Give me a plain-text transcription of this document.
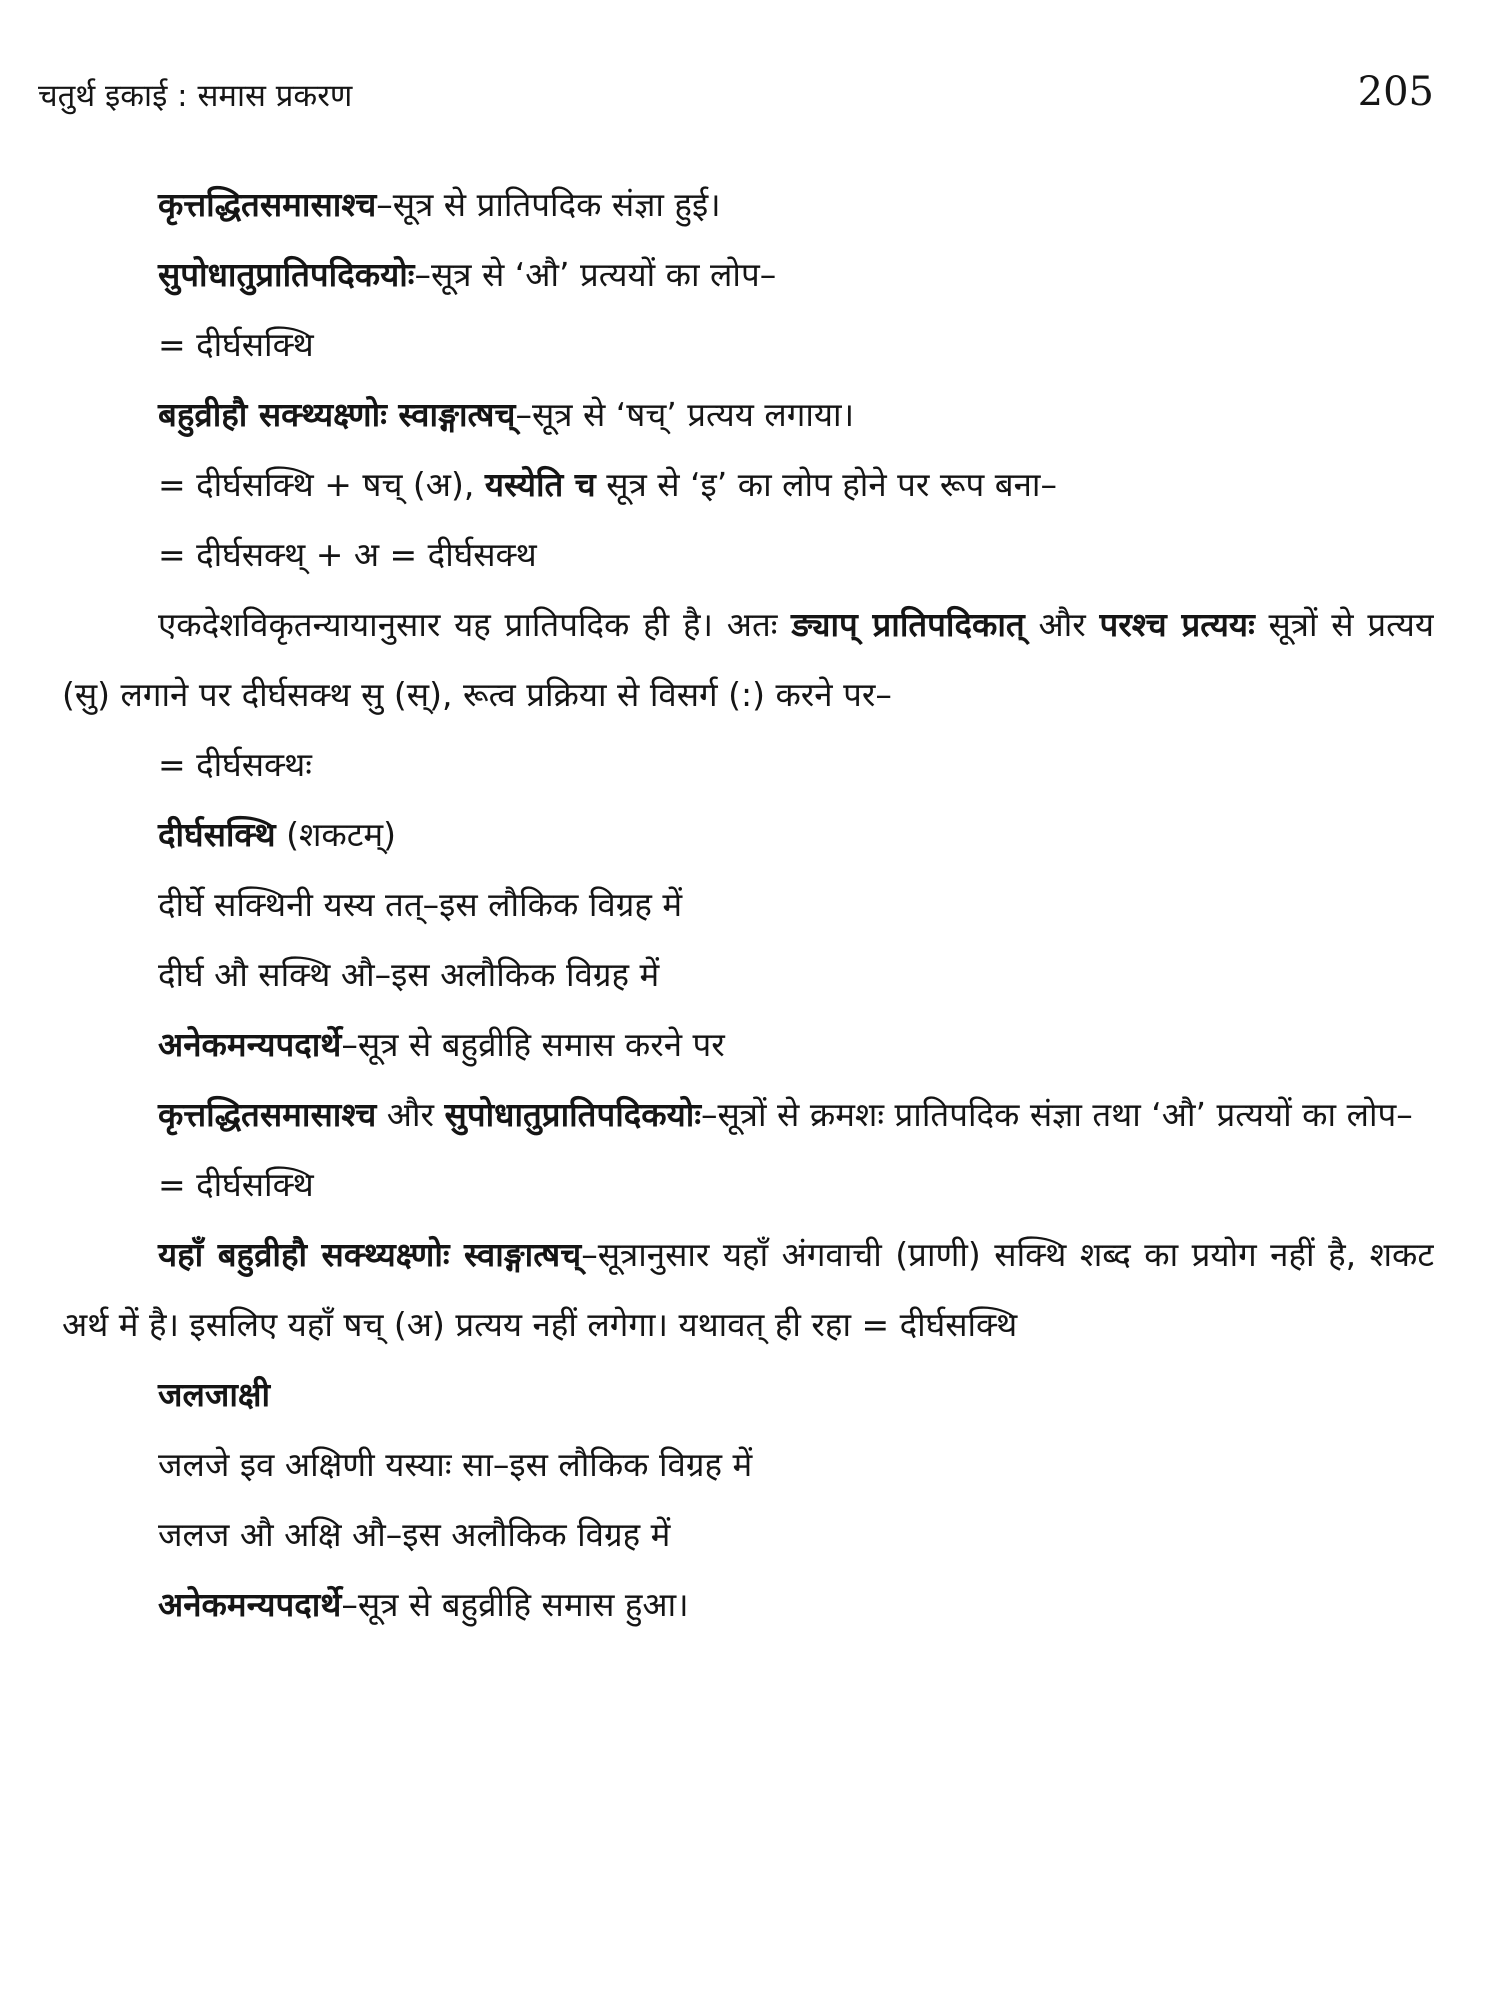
चतुर्थ इकाई : समास प्रकरण	205

कृत्तद्धितसमासाश्च–सूत्र से प्रातिपदिक संज्ञा हुई।

सुपोधातुप्रातिपदिकयोः–सूत्र से ‘औ’ प्रत्ययों का लोप–

= दीर्घसक्थि

बहुव्रीहौ सक्थ्यक्ष्णोः स्वाङ्गात्षच्–सूत्र से ‘षच्’ प्रत्यय लगाया।

= दीर्घसक्थि + षच् (अ), यस्येति च सूत्र से ‘इ’ का लोप होने पर रूप बना–

= दीर्घसक्थ् + अ = दीर्घसक्थ

एकदेशविकृतन्यायानुसार यह प्रातिपदिक ही है। अतः ङ्याप् प्रातिपदिकात् और परश्च प्रत्ययः सूत्रों से प्रत्यय (सु) लगाने पर दीर्घसक्थ सु (स्), रूत्व प्रक्रिया से विसर्ग (:) करने पर–

= दीर्घसक्थः

दीर्घसक्थि (शकटम्)

दीर्घे सक्थिनी यस्य तत्–इस लौकिक विग्रह में

दीर्घ औ सक्थि औ–इस अलौकिक विग्रह में

अनेकमन्यपदार्थे–सूत्र से बहुव्रीहि समास करने पर

कृत्तद्धितसमासाश्च और सुपोधातुप्रातिपदिकयोः–सूत्रों से क्रमशः प्रातिपदिक संज्ञा तथा ‘औ’ प्रत्ययों का लोप–

= दीर्घसक्थि

यहाँ बहुव्रीहौ सक्थ्यक्ष्णोः स्वाङ्गात्षच्–सूत्रानुसार यहाँ अंगवाची (प्राणी) सक्थि शब्द का प्रयोग नहीं है, शकट अर्थ में है। इसलिए यहाँ षच् (अ) प्रत्यय नहीं लगेगा। यथावत् ही रहा = दीर्घसक्थि

जलजाक्षी

जलजे इव अक्षिणी यस्याः सा–इस लौकिक विग्रह में

जलज औ अक्षि औ–इस अलौकिक विग्रह में

अनेकमन्यपदार्थे–सूत्र से बहुव्रीहि समास हुआ।
